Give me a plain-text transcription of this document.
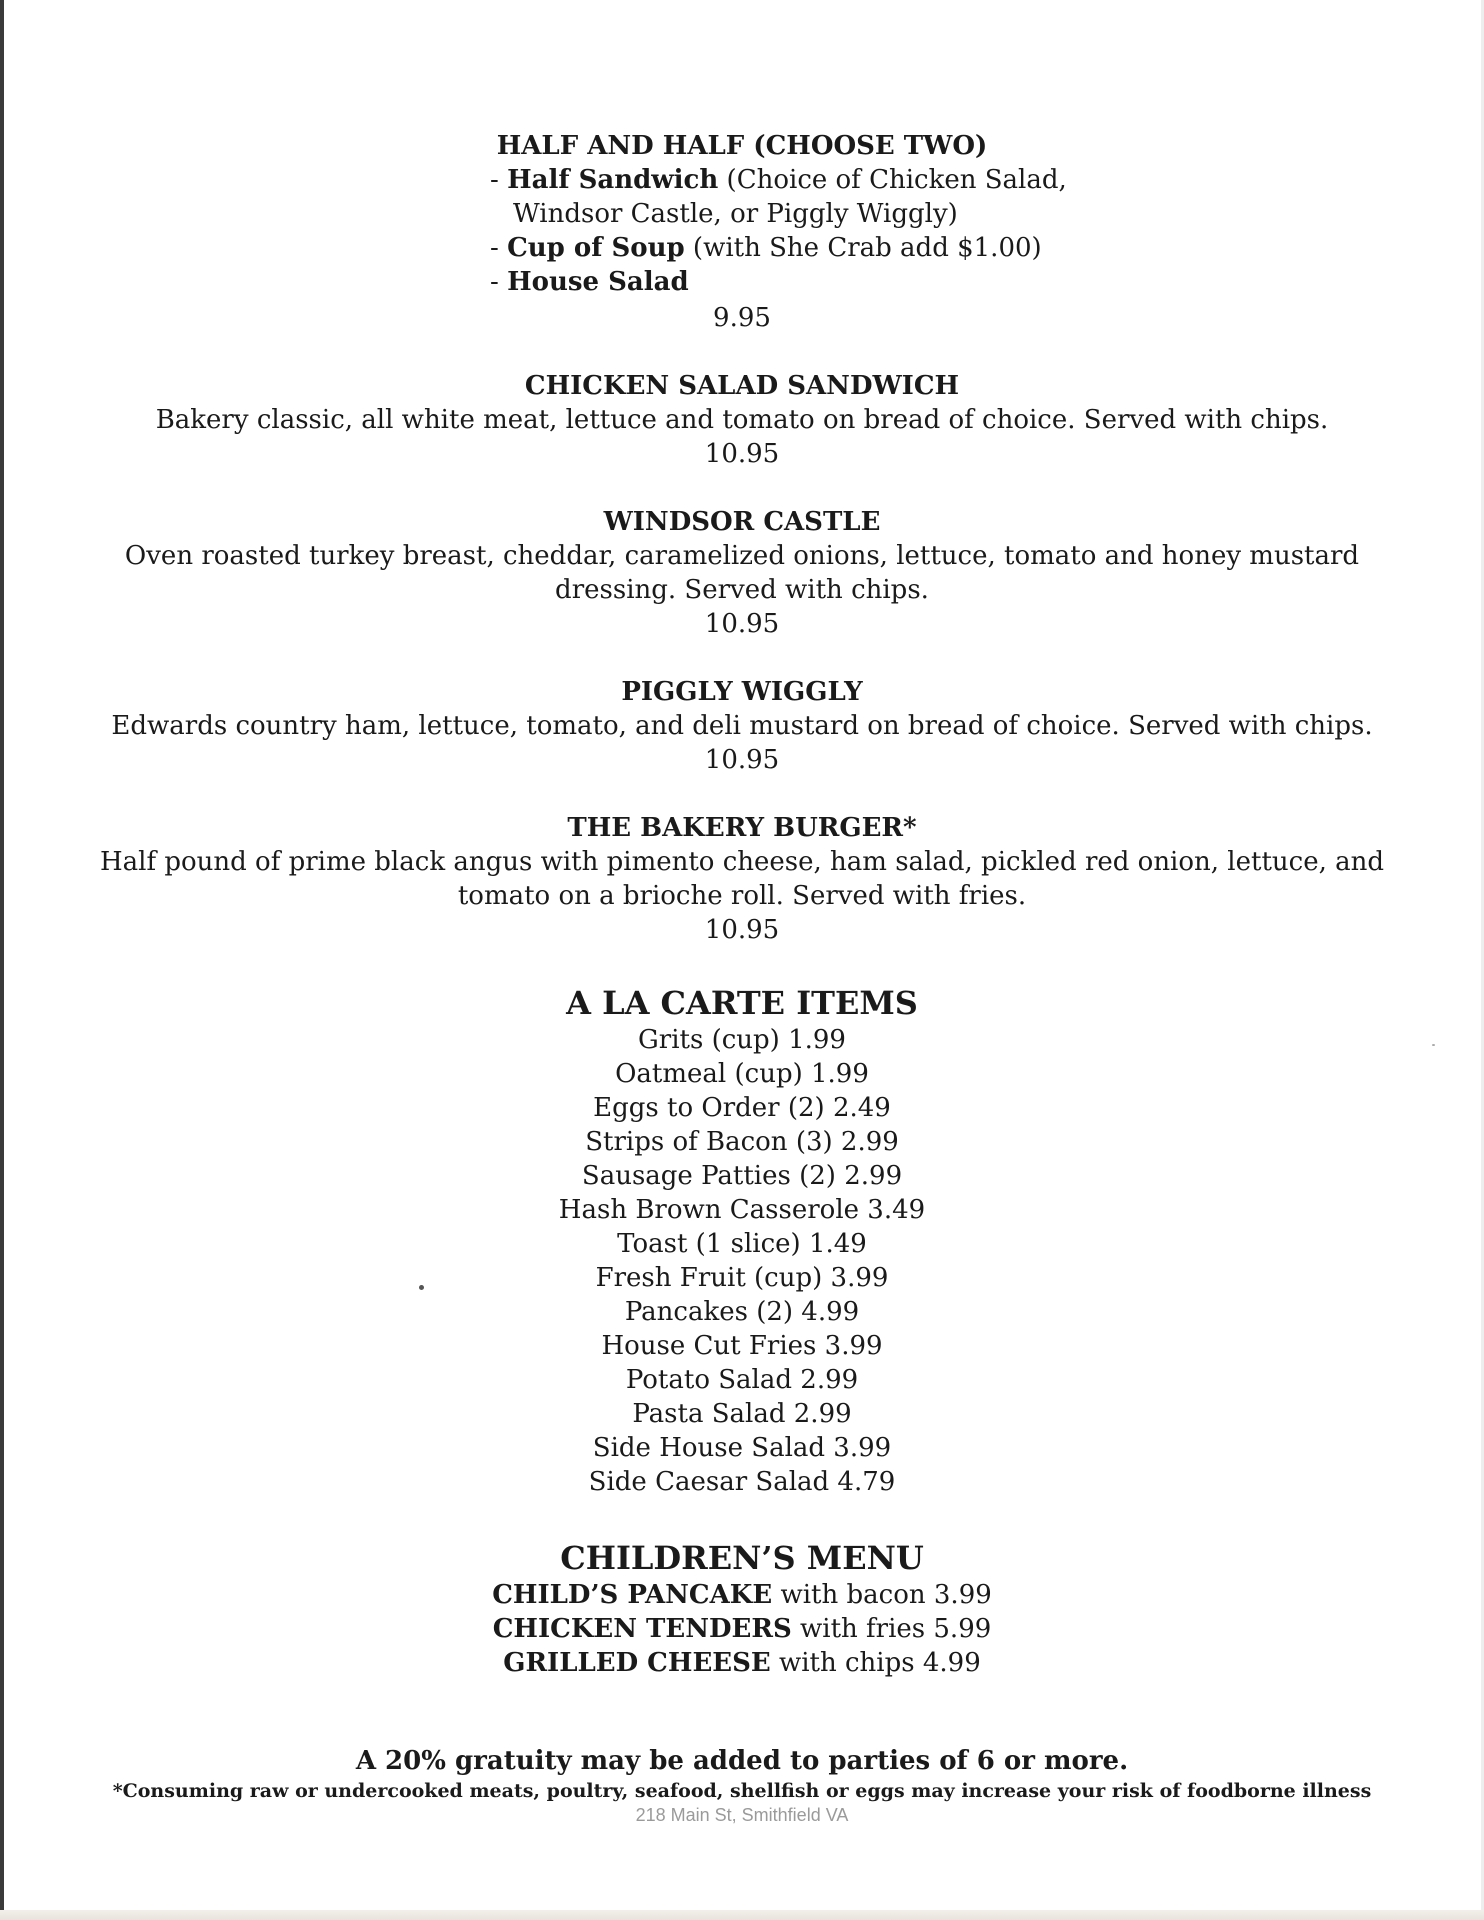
HALF AND HALF (CHOOSE TWO)
- Half Sandwich (Choice of Chicken Salad,
Windsor Castle, or Piggly Wiggly)
- Cup of Soup (with She Crab add $1.00)
- House Salad
9.95
CHICKEN SALAD SANDWICH
Bakery classic, all white meat, lettuce and tomato on bread of choice. Served with chips.
10.95
WINDSOR CASTLE
Oven roasted turkey breast, cheddar, caramelized onions, lettuce, tomato and honey mustard
dressing. Served with chips.
10.95
PIGGLY WIGGLY
Edwards country ham, lettuce, tomato, and deli mustard on bread of choice. Served with chips.
10.95
THE BAKERY BURGER*
Half pound of prime black angus with pimento cheese, ham salad, pickled red onion, lettuce, and
tomato on a brioche roll. Served with fries.
10.95
A LA CARTE ITEMS
Grits (cup) 1.99
Oatmeal (cup) 1.99
Eggs to Order (2) 2.49
Strips of Bacon (3) 2.99
Sausage Patties (2) 2.99
Hash Brown Casserole 3.49
Toast (1 slice) 1.49
Fresh Fruit (cup) 3.99
Pancakes (2) 4.99
House Cut Fries 3.99
Potato Salad 2.99
Pasta Salad 2.99
Side House Salad 3.99
Side Caesar Salad 4.79
CHILDREN’S MENU
CHILD’S PANCAKE with bacon 3.99
CHICKEN TENDERS with fries 5.99
GRILLED CHEESE with chips 4.99
A 20% gratuity may be added to parties of 6 or more.
*Consuming raw or undercooked meats, poultry, seafood, shellfish or eggs may increase your risk of foodborne illness
218 Main St, Smithfield VA
